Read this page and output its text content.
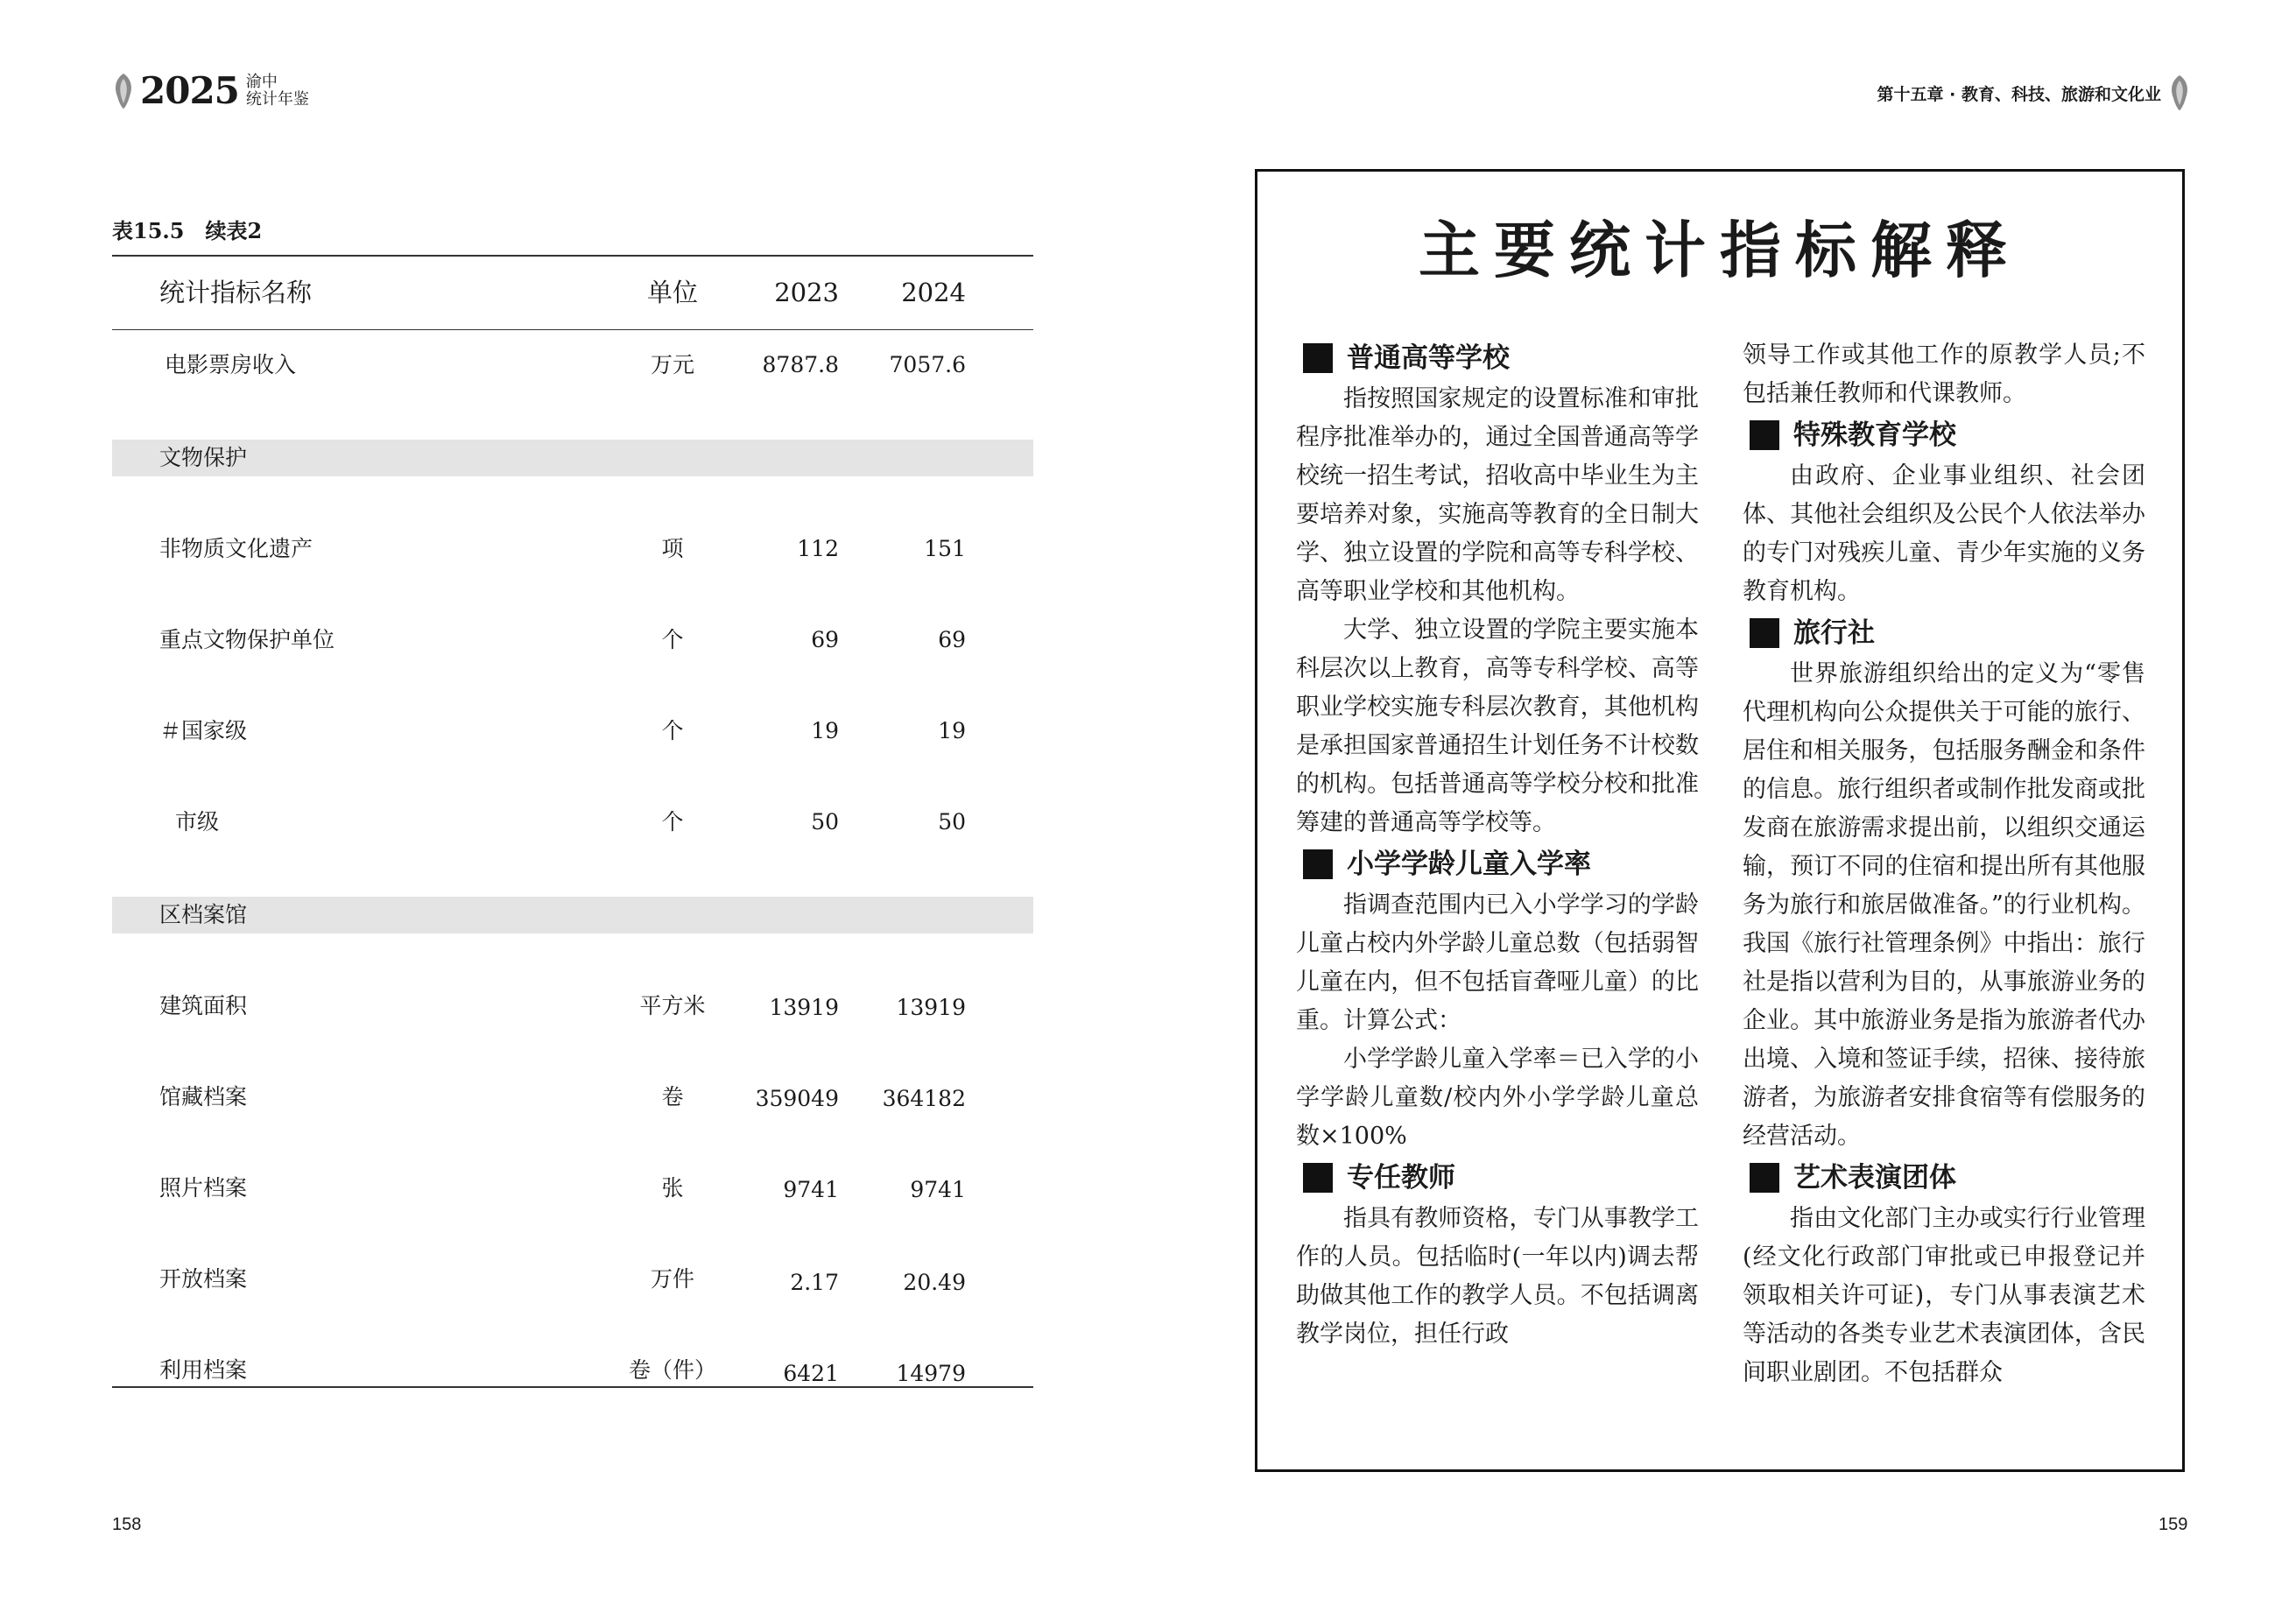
2025 渝中
统计年鉴	第十五章 · 教育、科技、旅游和文化业
表15.5　续表2
统计指标名称	单位	2023	2024
电影票房收入	万元	8787.8	7057.6
文物保护
非物质文化遗产	项	112	151
重点文物保护单位	个	69	69
＃国家级	个	19	19
市级	个	50	50
区档案馆
建筑面积	平方米	13919	13919
馆藏档案	卷	359049	364182
照片档案	张	9741	9741
开放档案	万件	2.17	20.49
利用档案	卷（件）	6421	14979
158	159
主要统计指标解释
普通高等学校

指按照国家规定的设置标准和审批程序批准举办的，通过全国普通高等学校统一招生考试，招收高中毕业生为主要培养对象，实施高等教育的全日制大学、独立设置的学院和高等专科学校、高等职业学校和其他机构。

大学、独立设置的学院主要实施本科层次以上教育，高等专科学校、高等职业学校实施专科层次教育，其他机构是承担国家普通招生计划任务不计校数的机构。包括普通高等学校分校和批准筹建的普通高等学校等。

小学学龄儿童入学率

指调查范围内已入小学学习的学龄儿童占校内外学龄儿童总数（包括弱智儿童在内，但不包括盲聋哑儿童）的比重。计算公式：

小学学龄儿童入学率＝已入学的小学学龄儿童数/校内外小学学龄儿童总数×100%

专任教师

指具有教师资格，专门从事教学工作的人员。包括临时(一年以内)调去帮助做其他工作的教学人员。不包括调离教学岗位，担任行政

领导工作或其他工作的原教学人员;不包括兼任教师和代课教师。

特殊教育学校

由政府、企业事业组织、社会团体、其他社会组织及公民个人依法举办的专门对残疾儿童、青少年实施的义务教育机构。

旅行社

世界旅游组织给出的定义为“零售代理机构向公众提供关于可能的旅行、居住和相关服务，包括服务酬金和条件的信息。旅行组织者或制作批发商或批发商在旅游需求提出前，以组织交通运输，预订不同的住宿和提出所有其他服务为旅行和旅居做准备。”的行业机构。我国《旅行社管理条例》中指出：旅行社是指以营利为目的，从事旅游业务的企业。其中旅游业务是指为旅游者代办出境、入境和签证手续，招徕、接待旅游者，为旅游者安排食宿等有偿服务的经营活动。

艺术表演团体

指由文化部门主办或实行行业管理(经文化行政部门审批或已申报登记并领取相关许可证)，专门从事表演艺术等活动的各类专业艺术表演团体，含民间职业剧团。不包括群众
